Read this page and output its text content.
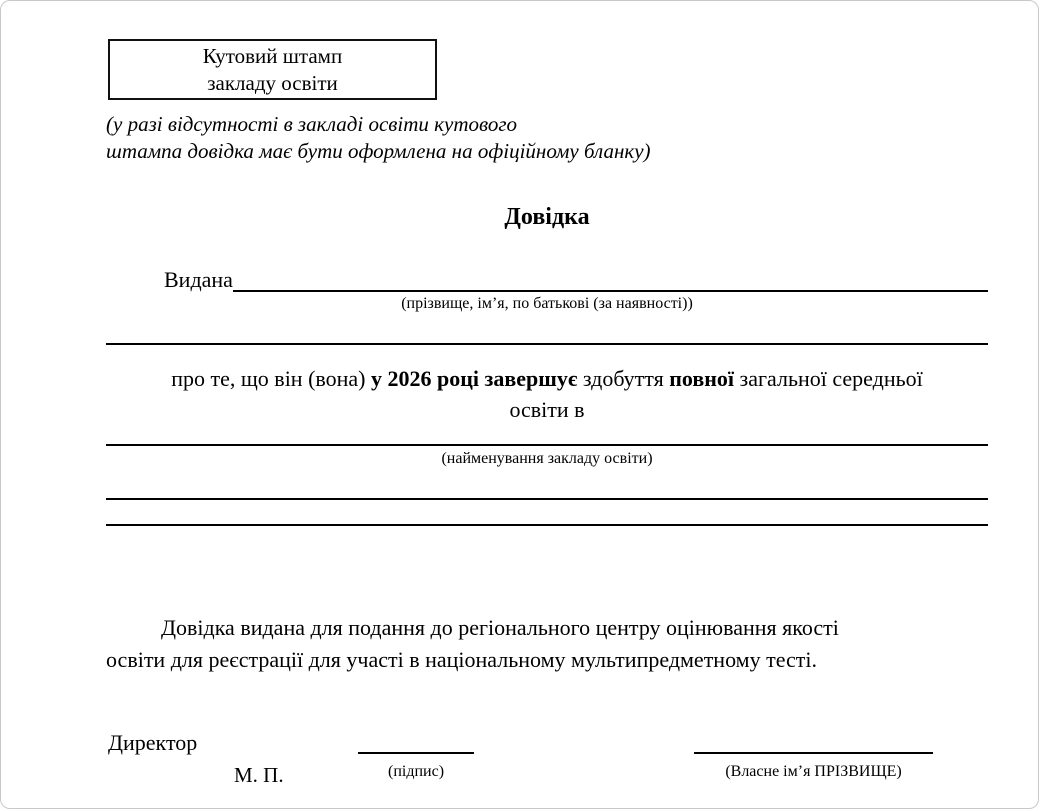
Кутовий штамп
закладу освіти
(у разі відсутності в закладі освіти кутового
штампа довідка має бути оформлена на офіційному бланку)
Довідка
Видана
(прізвище, ім’я, по батькові (за наявності))
про те, що він (вона) у 2026 році завершує здобуття повної загальної середньої
освіти в
(найменування закладу освіти)
Довідка видана для подання до регіонального центру оцінювання якості
освіти для реєстрації для участі в національному мультипредметному тесті.
Директор
М. П.	(підпис)	(Власне ім’я ПРІЗВИЩЕ)
